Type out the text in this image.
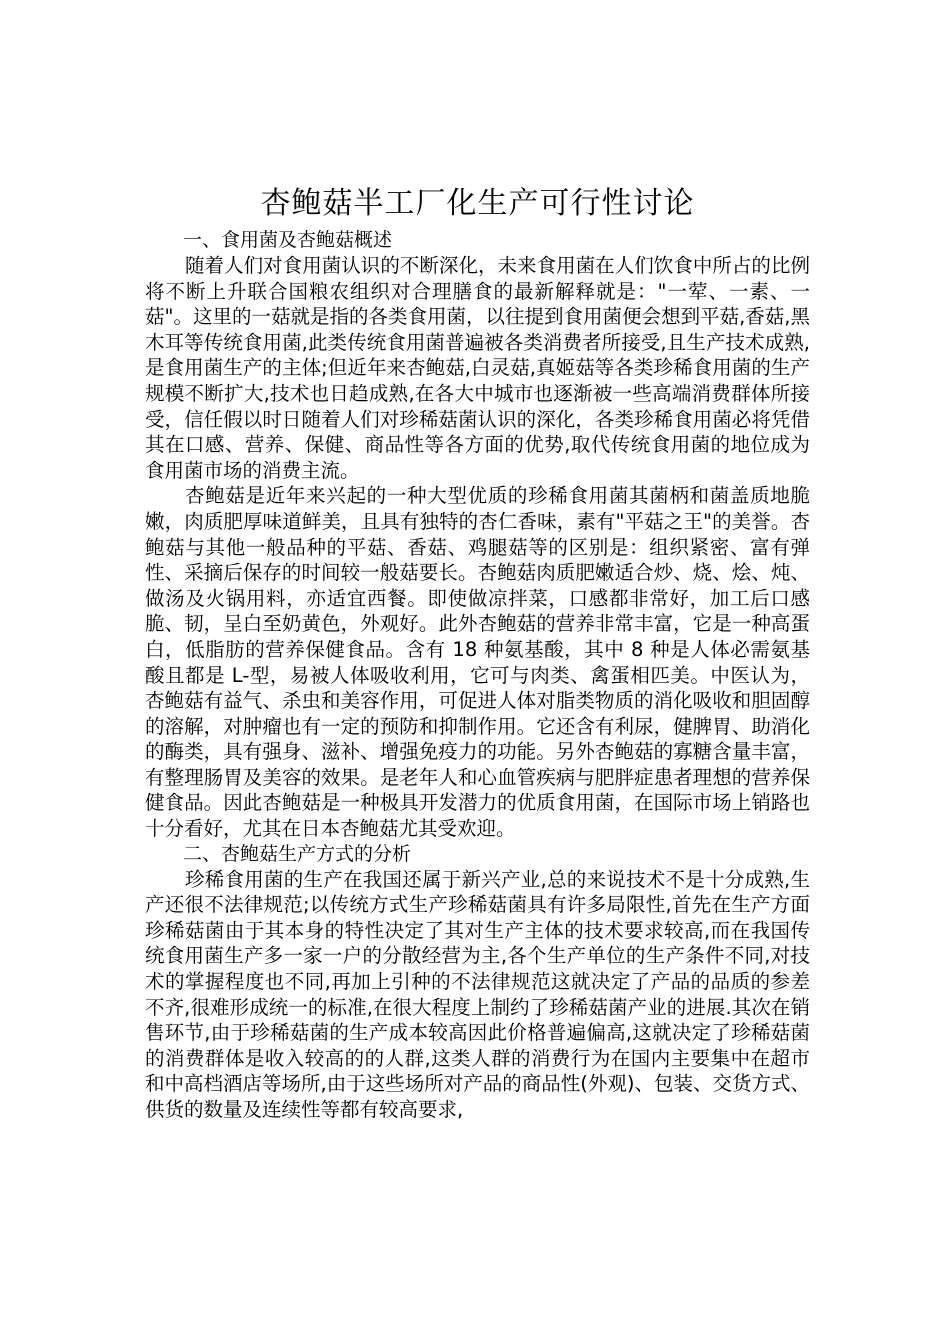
杏鲍菇半工厂化生产可行性讨论
一、食用菌及杏鲍菇概述

随着人们对食用菌认识的不断深化，未来食用菌在人们饮食中所占的比例将不断上升联合国粮农组织对合理膳食的最新解释就是："一荤、一素、一菇"。这里的一菇就是指的各类食用菌，以往提到食用菌便会想到平菇,香菇,黑木耳等传统食用菌,此类传统食用菌普遍被各类消费者所接受,且生产技术成熟,是食用菌生产的主体;但近年来杏鲍菇,白灵菇,真姬菇等各类珍稀食用菌的生产规模不断扩大,技术也日趋成熟,在各大中城市也逐渐被一些高端消费群体所接受，信任假以时日随着人们对珍稀菇菌认识的深化，各类珍稀食用菌必将凭借其在口感、营养、保健、商品性等各方面的优势,取代传统食用菌的地位成为食用菌市场的消费主流。

杏鲍菇是近年来兴起的一种大型优质的珍稀食用菌其菌柄和菌盖质地脆嫩，肉质肥厚味道鲜美，且具有独特的杏仁香味，素有"平菇之王"的美誉。杏鲍菇与其他一般品种的平菇、香菇、鸡腿菇等的区别是：组织紧密、富有弹性、采摘后保存的时间较一般菇要长。杏鲍菇肉质肥嫩适合炒、烧、烩、炖、做汤及火锅用料，亦适宜西餐。即使做凉拌菜，口感都非常好，加工后口感脆、韧，呈白至奶黄色，外观好。此外杏鲍菇的营养非常丰富，它是一种高蛋白，低脂肪的营养保健食品。含有 18 种氨基酸，其中 8 种是人体必需氨基酸且都是 L-型，易被人体吸收利用，它可与肉类、禽蛋相匹美。中医认为，杏鲍菇有益气、杀虫和美容作用，可促进人体对脂类物质的消化吸收和胆固醇的溶解，对肿瘤也有一定的预防和抑制作用。它还含有利尿，健脾胃、助消化的酶类，具有强身、滋补、增强免疫力的功能。另外杏鲍菇的寡糖含量丰富，有整理肠胃及美容的效果。是老年人和心血管疾病与肥胖症患者理想的营养保健食品。因此杏鲍菇是一种极具开发潜力的优质食用菌，在国际市场上销路也十分看好，尤其在日本杏鲍菇尤其受欢迎。

二、杏鲍菇生产方式的分析

珍稀食用菌的生产在我国还属于新兴产业,总的来说技术不是十分成熟,生产还很不法律规范;以传统方式生产珍稀菇菌具有许多局限性,首先在生产方面珍稀菇菌由于其本身的特性决定了其对生产主体的技术要求较高,而在我国传统食用菌生产多一家一户的分散经营为主,各个生产单位的生产条件不同,对技术的掌握程度也不同,再加上引种的不法律规范这就决定了产品的品质的参差不齐,很难形成统一的标准,在很大程度上制约了珍稀菇菌产业的进展.其次在销售环节,由于珍稀菇菌的生产成本较高因此价格普遍偏高,这就决定了珍稀菇菌的消费群体是收入较高的的人群,这类人群的消费行为在国内主要集中在超市和中高档酒店等场所,由于这些场所对产品的商品性(外观)、包装、交货方式、供货的数量及连续性等都有较高要求,
